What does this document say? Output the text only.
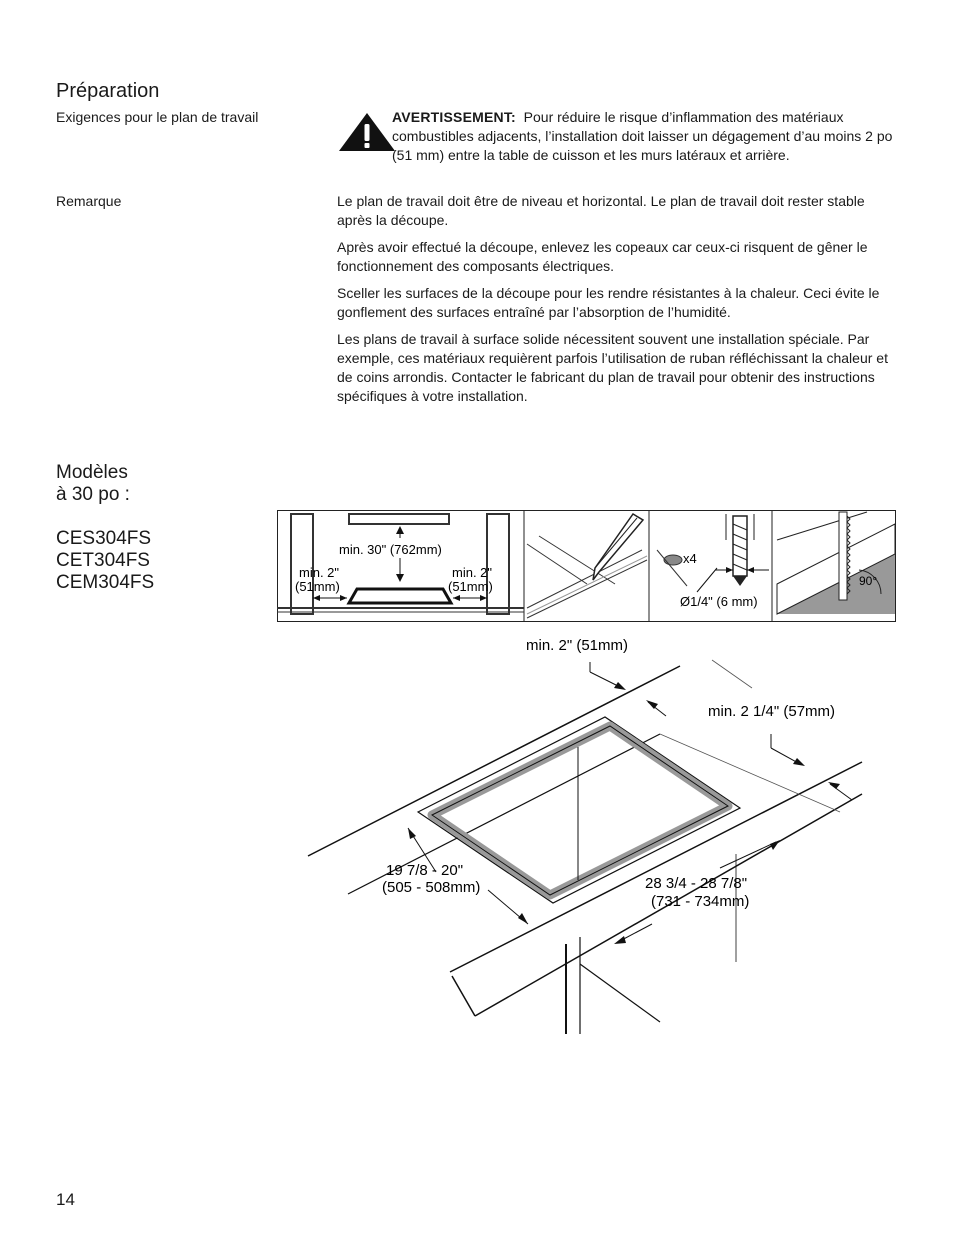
Préparation
Exigences pour le plan de travail	AVERTISSEMENT: Pour réduire le risque d’inflammation des matériaux combustibles adjacents, l’installation doit laisser un dégagement d’au moins 2 po (51 mm) entre la table de cuisson et les murs latéraux et arrière.
Remarque	Le plan de travail doit être de niveau et horizontal. Le plan de travail doit rester stable après la découpe.

Après avoir effectué la découpe, enlevez les copeaux car ceux-ci risquent de gêner le fonctionnement des composants électriques.

Sceller les surfaces de la découpe pour les rendre résistantes à la chaleur. Ceci évite le gonflement des surfaces entraîné par l’absorption de l’humidité.

Les plans de travail à surface solide nécessitent souvent une installation spéciale. Par exemple, ces matériaux requièrent parfois l’utilisation de ruban réfléchissant la chaleur et de coins arrondis. Contacter le fabricant du plan de travail pour obtenir des instructions spécifiques à votre installation.

Modèles
à 30 po :
CES304FS
CET304FS
CEM304FS
min. 30" (762mm)
min. 2"
(51mm)
min. 2"
(51mm)
x4
Ø1/4" (6 mm)
90°
min. 2" (51mm)
min. 2 1/4" (57mm)
19 7/8 - 20"
(505 - 508mm)	28 3/4 - 28 7/8"
(731 - 734mm)
14
